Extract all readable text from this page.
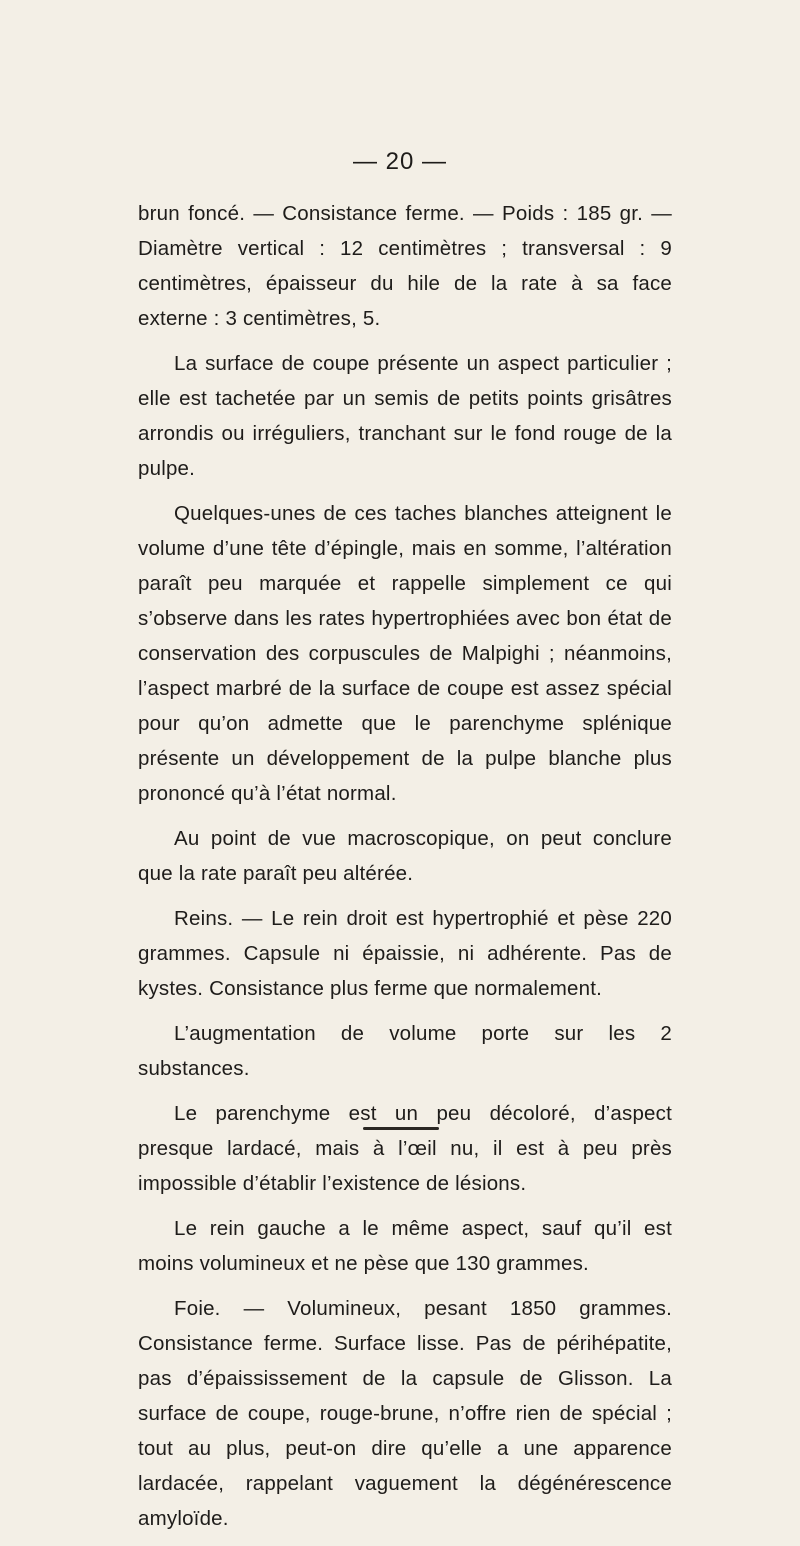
— 20 —

brun foncé. — Consistance ferme. — Poids : 185 gr. — Diamètre vertical : 12 centimètres ; transversal : 9 centimètres, épaisseur du hile de la rate à sa face externe : 3 centimètres, 5.

La surface de coupe présente un aspect particulier ; elle est tachetée par un semis de petits points grisâtres arrondis ou irréguliers, tranchant sur le fond rouge de la pulpe.

Quelques-unes de ces taches blanches atteignent le volume d’une tête d’épingle, mais en somme, l’altération paraît peu marquée et rappelle simplement ce qui s’observe dans les rates hypertrophiées avec bon état de conservation des corpuscules de Malpighi ; néanmoins, l’aspect marbré de la surface de coupe est assez spécial pour qu’on admette que le parenchyme splénique présente un développement de la pulpe blanche plus prononcé qu’à l’état normal.

Au point de vue macroscopique, on peut conclure que la rate paraît peu altérée.

Reins. — Le rein droit est hypertrophié et pèse 220 grammes. Capsule ni épaissie, ni adhérente. Pas de kystes. Consistance plus ferme que normalement.

L’augmentation de volume porte sur les 2 substances.

Le parenchyme est un peu décoloré, d’aspect presque lardacé, mais à l’œil nu, il est à peu près impossible d’établir l’existence de lésions.

Le rein gauche a le même aspect, sauf qu’il est moins volumineux et ne pèse que 130 grammes.

Foie. — Volumineux, pesant 1850 grammes. Consistance ferme. Surface lisse. Pas de périhépatite, pas d’épaississement de la capsule de Glisson. La surface de coupe, rouge-brune, n’offre rien de spécial ; tout au plus, peut-on dire qu’elle a une apparence lardacée, rappelant vaguement la dégénérescence amyloïde.
